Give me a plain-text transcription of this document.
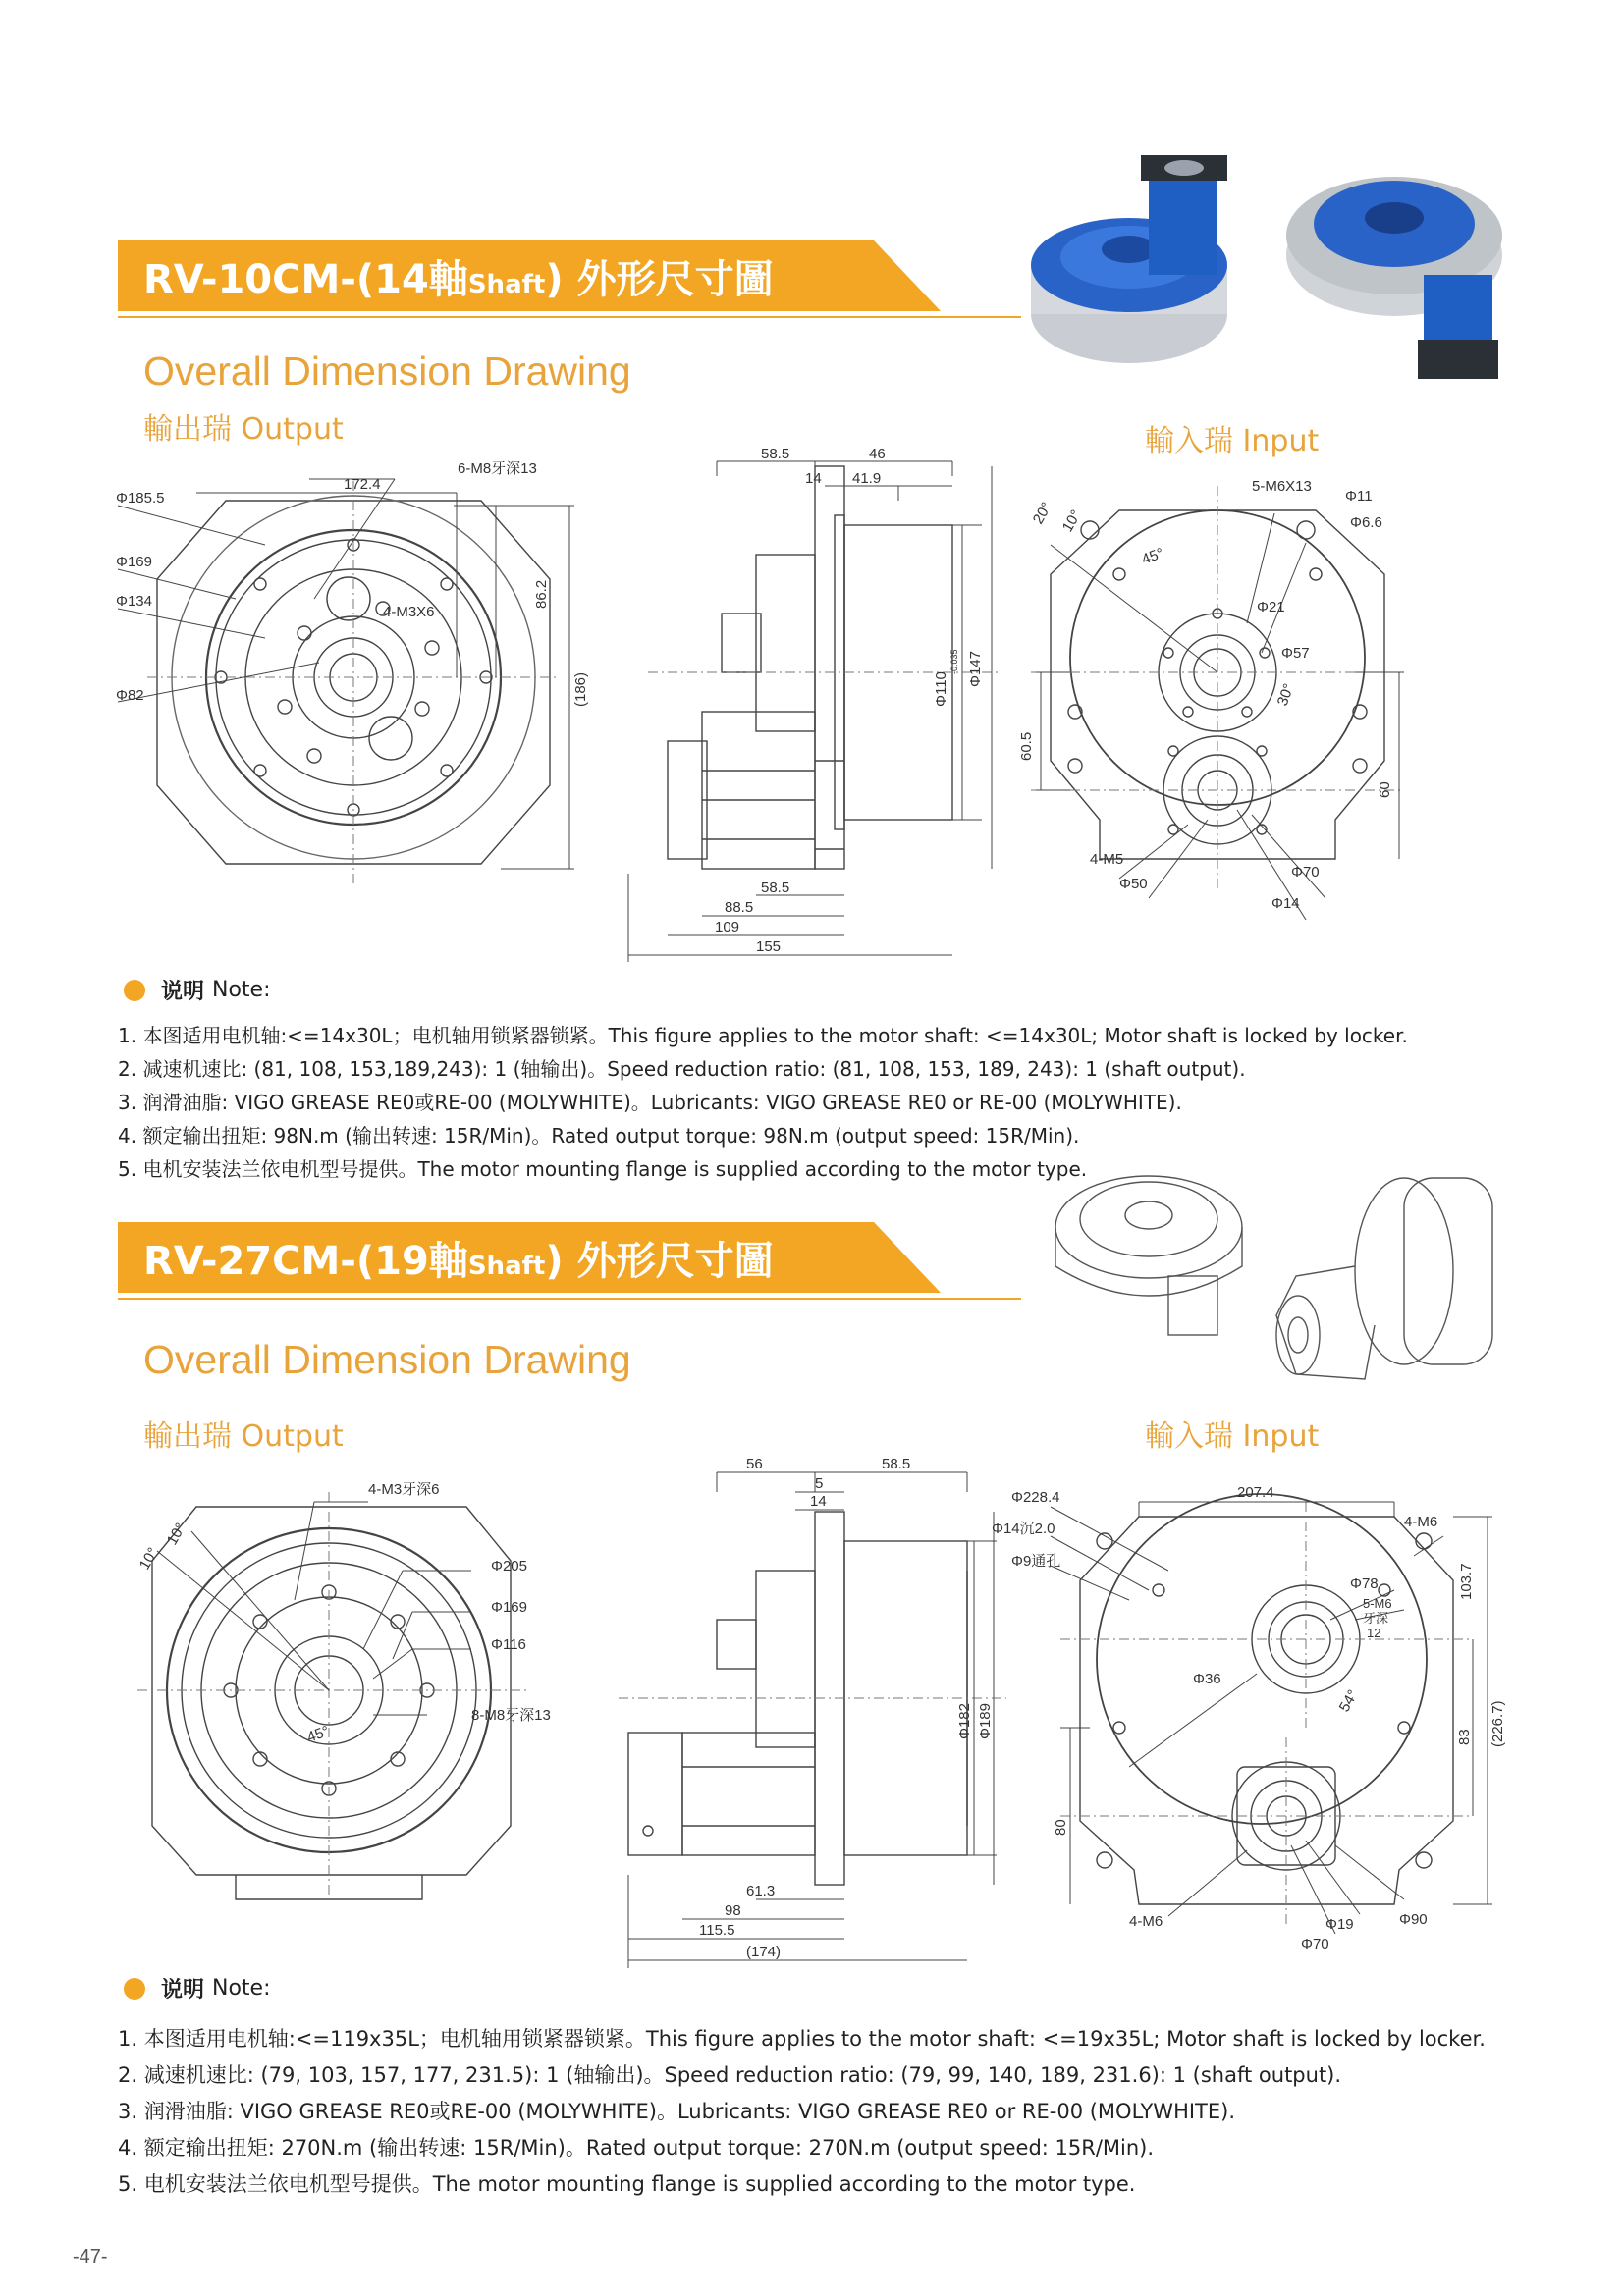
RV-10CM-(14軸Shaft) 外形尺寸圖
Overall Dimension Drawing
輸出瑞 Output	輸入瑞 Input
Φ185.5
Φ169
Φ134
Φ82
172.4
6-M8牙深13
4-M3X6
86.2
(186)
58.5	46
14 41.9
Φ110
-0.035 Φ147
58.5
88.5
109
155
20° 10°
45°
5-M6X13
Φ11
Φ6.6
Φ21
Φ57
30°
60.5
60
4-M5
Φ50
Φ70
Φ14
说明 Note:
1. 本图适用电机轴:<=14x30L；电机轴用锁紧器锁紧。This figure applies to the motor shaft: <=14x30L; Motor shaft is locked by locker.
2. 减速机速比: (81, 108, 153,189,243): 1 (轴输出)。Speed reduction ratio: (81, 108, 153, 189, 243): 1 (shaft output).
3. 润滑油脂: VIGO GREASE RE0或RE-00 (MOLYWHITE)。Lubricants: VIGO GREASE RE0 or RE-00 (MOLYWHITE).
4. 额定输出扭矩: 98N.m (输出转速: 15R/Min)。Rated output torque: 98N.m (output speed: 15R/Min).
5. 电机安装法兰依电机型号提供。The motor mounting flange is supplied according to the motor type.
RV-27CM-(19軸Shaft) 外形尺寸圖
Overall Dimension Drawing
輸出瑞 Output	輸入瑞 Input
4-M3牙深6
10°
10°
Φ205
Φ169
Φ116
8-M8牙深13
45°
56	58.5
5
14
Φ182 Φ189
61.3
98
115.5
(174)
Φ228.4	207.4
Φ14沉2.0
Φ9通孔
4-M6
Φ78
5-M6
牙深
12
103.7
(226.7)
Φ36
54°
83
80
4-M6	Φ19	Φ90
Φ70
说明 Note:
1. 本图适用电机轴:<=119x35L；电机轴用锁紧器锁紧。This figure applies to the motor shaft: <=19x35L; Motor shaft is locked by locker.
2. 减速机速比: (79, 103, 157, 177, 231.5): 1 (轴输出)。Speed reduction ratio: (79, 99, 140, 189, 231.6): 1 (shaft output).
3. 润滑油脂: VIGO GREASE RE0或RE-00 (MOLYWHITE)。Lubricants: VIGO GREASE RE0 or RE-00 (MOLYWHITE).
4. 额定输出扭矩: 270N.m (输出转速: 15R/Min)。Rated output torque: 270N.m (output speed: 15R/Min).
5. 电机安装法兰依电机型号提供。The motor mounting flange is supplied according to the motor type.
-47-
